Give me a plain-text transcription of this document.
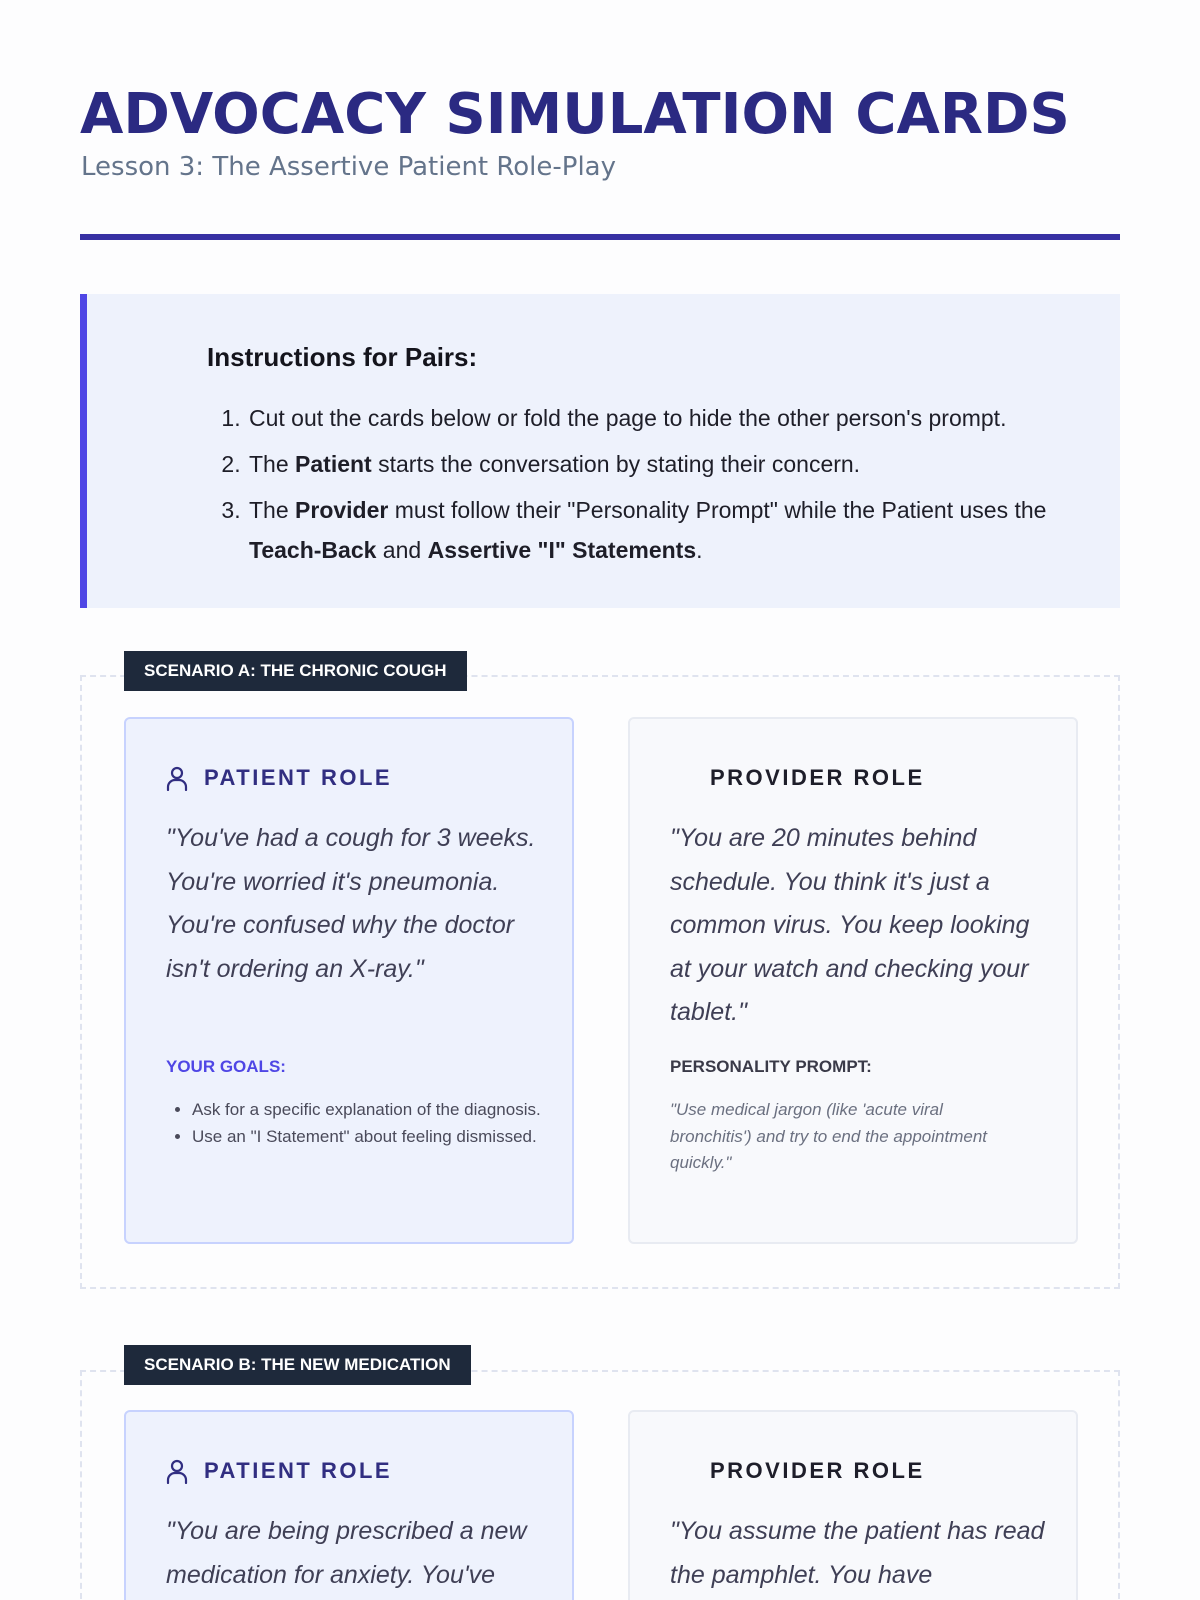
ADVOCACY SIMULATION CARDS

Lesson 3: The Assertive Patient Role-Play

Instructions for Pairs:
1. Cut out the cards below or fold the page to hide the other person's prompt.
2. The Patient starts the conversation by stating their concern.
3. The Provider must follow their "Personality Prompt" while the Patient uses the Teach-Back and Assertive "I" Statements.
SCENARIO A: THE CHRONIC COUGH
PATIENT ROLE

"You've had a cough for 3 weeks. You're worried it's pneumonia. You're confused why the doctor isn't ordering an X-ray."

YOUR GOALS:

• Ask for a specific explanation of the diagnosis.
• Use an "I Statement" about feeling dismissed.
PROVIDER ROLE

"You are 20 minutes behind schedule. You think it's just a common virus. You keep looking at your watch and checking your tablet."

PERSONALITY PROMPT:

"Use medical jargon (like 'acute viral bronchitis') and try to end the appointment quickly."

SCENARIO B: THE NEW MEDICATION
PATIENT ROLE

"You are being prescribed a new medication for anxiety. You've

PROVIDER ROLE

"You assume the patient has read the pamphlet. You have
